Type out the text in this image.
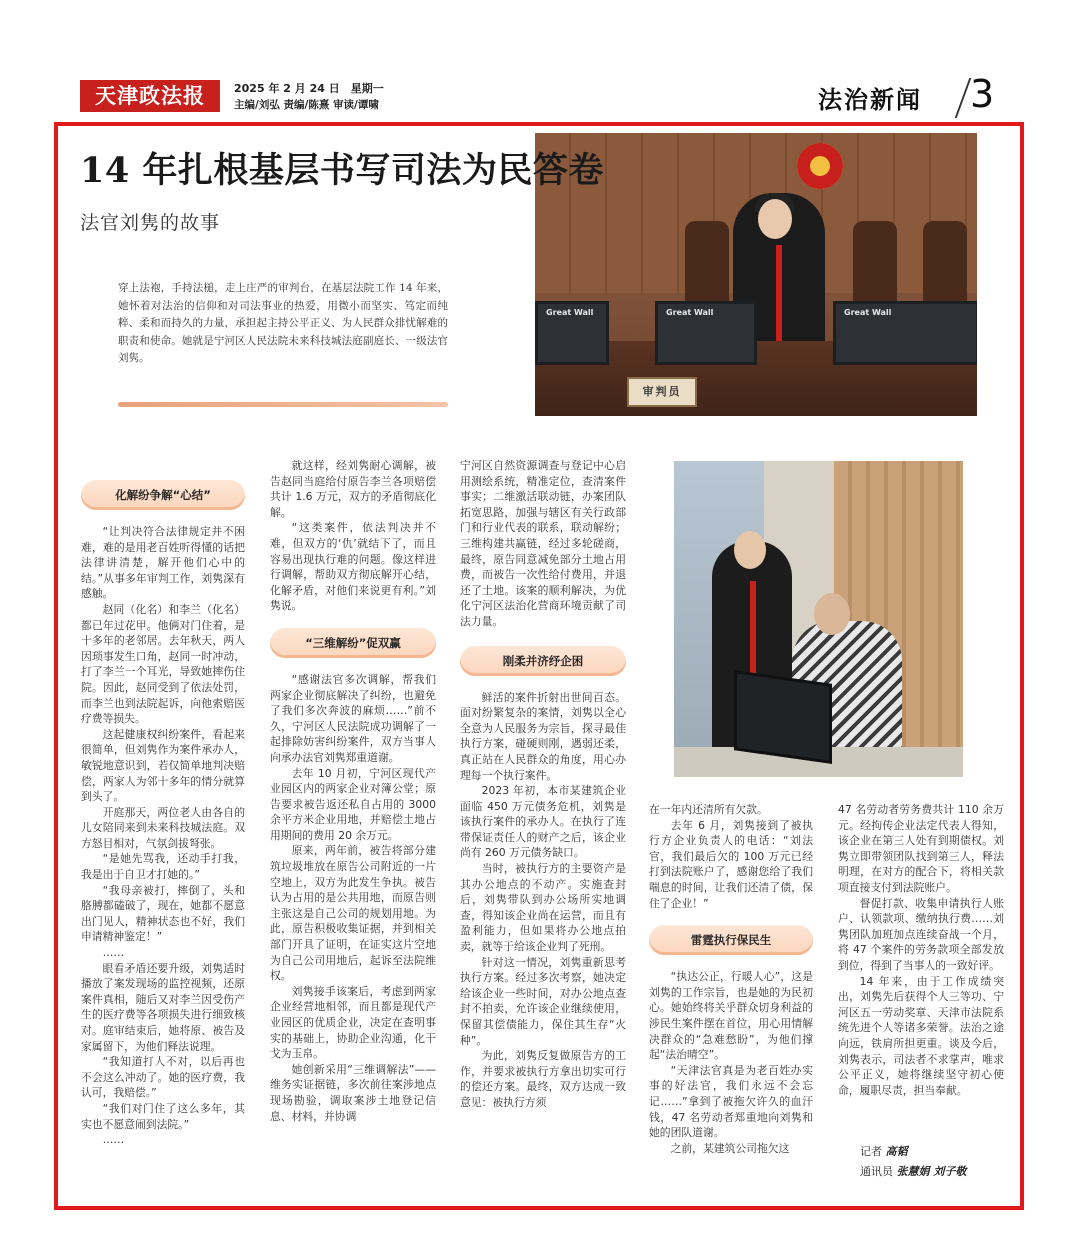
天津政法报	2025 年 2 月 24 日　星期一
主编/刘弘 责编/陈熹 审读/谭啸	法治新闻 3
Great Wall	Great Wall	Great Wall
审判员
14 年扎根基层书写司法为民答卷
法官刘隽的故事
穿上法袍，手持法槌，走上庄严的审判台，在基层法院工作 14 年来，她怀着对法治的信仰和对司法事业的热爱，用微小而坚实、笃定而纯粹、柔和而持久的力量，承担起主持公平正义、为人民群众排忧解难的职责和使命。她就是宁河区人民法院未来科技城法庭副庭长、一级法官刘隽。
化解纷争解“心结”

“让判决符合法律规定并不困难，难的是用老百姓听得懂的话把法律讲清楚，解开他们心中的结。”从事多年审判工作，刘隽深有感触。

赵同（化名）和李兰（化名）都已年过花甲。他俩对门住着，是十多年的老邻居。去年秋天，两人因琐事发生口角，赵同一时冲动，打了李兰一个耳光，导致她摔伤住院。因此，赵同受到了依法处罚，而李兰也到法院起诉，向他索赔医疗费等损失。

这起健康权纠纷案件，看起来很简单，但刘隽作为案件承办人，敏锐地意识到，若仅简单地判决赔偿，两家人为邻十多年的情分就算到头了。

开庭那天，两位老人由各自的儿女陪同来到未来科技城法庭。双方怒目相对，气氛剑拔弩张。

“是她先骂我，还动手打我，我是出于自卫才打她的。”

“我母亲被打，摔倒了，头和胳膊都磕破了，现在，她都不愿意出门见人，精神状态也不好，我们申请精神鉴定！”

……

眼看矛盾还要升级，刘隽适时播放了案发现场的监控视频，还原案件真相，随后又对李兰因受伤产生的医疗费等各项损失进行细致核对。庭审结束后，她将原、被告及家属留下，为他们释法说理。

“我知道打人不对，以后再也不会这么冲动了。她的医疗费，我认可，我赔偿。”

“我们对门住了这么多年，其实也不愿意闹到法院。”

……

就这样，经刘隽耐心调解，被告赵同当庭给付原告李兰各项赔偿共计 1.6 万元，双方的矛盾彻底化解。

“这类案件，依法判决并不难，但双方的‘仇’就结下了，而且容易出现执行难的问题。像这样进行调解，帮助双方彻底解开心结，化解矛盾，对他们来说更有利。”刘隽说。

“三维解纷”促双赢

“感谢法官多次调解，帮我们两家企业彻底解决了纠纷，也避免了我们多次奔波的麻烦……”前不久，宁河区人民法院成功调解了一起排除妨害纠纷案件，双方当事人向承办法官刘隽郑重道谢。

去年 10 月初，宁河区现代产业园区内的两家企业对簿公堂；原告要求被告返还私自占用的 3000 余平方米企业用地，并赔偿土地占用期间的费用 20 余万元。

原来，两年前，被告将部分建筑垃圾堆放在原告公司附近的一片空地上，双方为此发生争执。被告认为占用的是公共用地，而原告则主张这是自己公司的规划用地。为此，原告积极收集证据，并到相关部门开具了证明，在证实这片空地为自己公司用地后，起诉至法院维权。

刘隽接手该案后，考虑到两家企业经营地相邻，而且都是现代产业园区的优质企业，决定在查明事实的基础上，协助企业沟通，化干戈为玉帛。

她创新采用“三维调解法”——维务实证据链，多次前往案涉地点现场勘验，调取案涉土地登记信息、材料，并协调

宁河区自然资源调查与登记中心启用测绘系统，精准定位，查清案件事实；二维激活联动链，办案团队拓宽思路，加强与辖区有关行政部门和行业代表的联系，联动解纷；三维构建共赢链，经过多轮磋商，最终，原告同意减免部分土地占用费，而被告一次性给付费用，并退还了土地。该案的顺利解决，为优化宁河区法治化营商环境贡献了司法力量。

刚柔并济纾企困

鲜活的案件折射出世间百态。面对纷繁复杂的案情，刘隽以全心全意为人民服务为宗旨，探寻最佳执行方案，碰硬则刚，遇弱还柔，真正站在人民群众的角度，用心办理每一个执行案件。

2023 年初，本市某建筑企业面临 450 万元债务危机，刘隽是该执行案件的承办人。在执行了连带保证责任人的财产之后，该企业尚有 260 万元债务缺口。

当时，被执行方的主要资产是其办公地点的不动产。实施查封后，刘隽带队到办公场所实地调查，得知该企业尚在运营，而且有盈利能力，但如果将办公地点拍卖，就等于给该企业判了死刑。

针对这一情况，刘隽重新思考执行方案。经过多次考察，她决定给该企业一些时间，对办公地点查封不拍卖，允许该企业继续使用，保留其偿债能力，保住其生存“火种”。

为此，刘隽反复做原告方的工作，并要求被执行方拿出切实可行的偿还方案。最终，双方达成一致意见：被执行方须

在一年内还清所有欠款。

去年 6 月，刘隽接到了被执行方企业负责人的电话：“刘法官，我们最后欠的 100 万元已经打到法院账户了，感谢您给了我们喘息的时间，让我们还清了债，保住了企业！”

雷霆执行保民生

“执达公正，行暖人心”，这是刘隽的工作宗旨，也是她的为民初心。她始终将关乎群众切身利益的涉民生案件摆在首位，用心用情解决群众的“急难愁盼”，为他们撑起“法治晴空”。

“天津法官真是为老百姓办实事的好法官，我们永远不会忘记……”拿到了被拖欠许久的血汗钱，47 名劳动者郑重地向刘隽和她的团队道谢。

之前，某建筑公司拖欠这

47 名劳动者劳务费共计 110 余万元。经拘传企业法定代表人得知，该企业在第三人处有到期债权。刘隽立即带领团队找到第三人，释法明理，在对方的配合下，将相关款项直接支付到法院账户。

督促打款、收集申请执行人账户、认领款项、缴纳执行费……刘隽团队加班加点连续奋战一个月，将 47 个案件的劳务款项全部发放到位，得到了当事人的一致好评。

14 年来，由于工作成绩突出，刘隽先后获得个人三等功、宁河区五一劳动奖章、天津市法院系统先进个人等诸多荣誉。法治之途向远，铁肩所担更重。谈及今后，刘隽表示，司法者不求掌声，唯求公平正义，她将继续坚守初心使命，履职尽责，担当奉献。

记者 高韬
通讯员 张慧娟 刘子敬
